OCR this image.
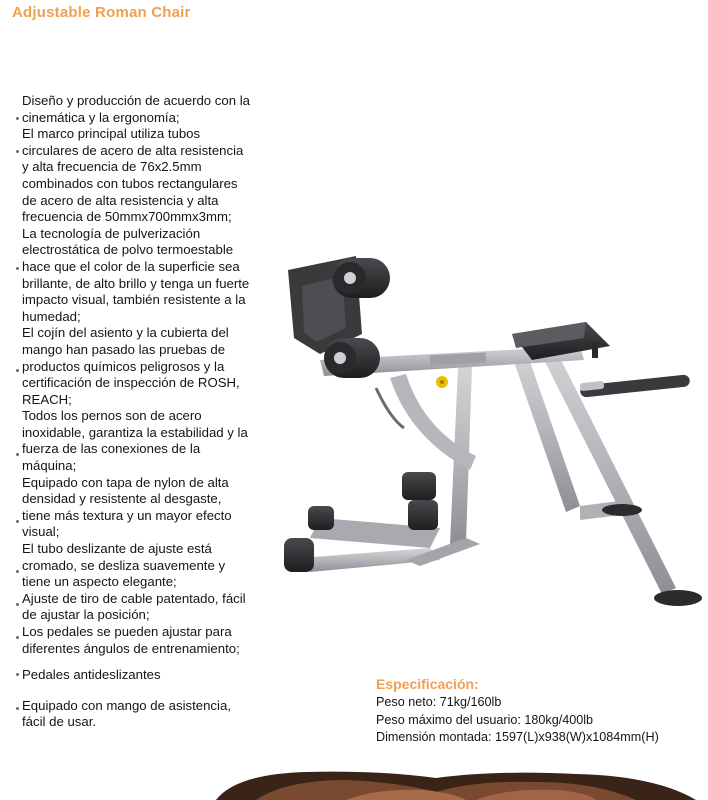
Adjustable Roman Chair
Diseño y producción de acuerdo con la
cinemática y la ergonomía;
El marco principal utiliza tubos
circulares de acero de alta resistencia
y alta frecuencia de 76x2.5mm
combinados con tubos rectangulares
de acero de alta resistencia y alta
frecuencia de 50mmx700mmx3mm;
La tecnología de pulverización
electrostática de polvo termoestable
hace que el color de la superficie sea
brillante, de alto brillo y tenga un fuerte
impacto visual, también resistente a la
humedad;
El cojín del asiento y la cubierta del
mango han pasado las pruebas de
productos químicos peligrosos y la
certificación de inspección de ROSH,
REACH;
Todos los pernos son de acero
inoxidable, garantiza la estabilidad y la
fuerza de las conexiones de la
máquina;
Equipado con tapa de nylon de alta
densidad y resistente al desgaste,
tiene más textura y un mayor efecto
visual;
El tubo deslizante de ajuste está
cromado, se desliza suavemente y
tiene un aspecto elegante;
Ajuste de tiro de cable patentado, fácil
de ajustar la posición;
Los pedales se pueden ajustar para
diferentes ángulos de entrenamiento;
Pedales antideslizantes
Equipado con mango de asistencia,
fácil de usar.
Especificación:
Peso neto: 71kg/160lb
Peso máximo del usuario: 180kg/400lb
Dimensión montada: 1597(L)x938(W)x1084mm(H)
